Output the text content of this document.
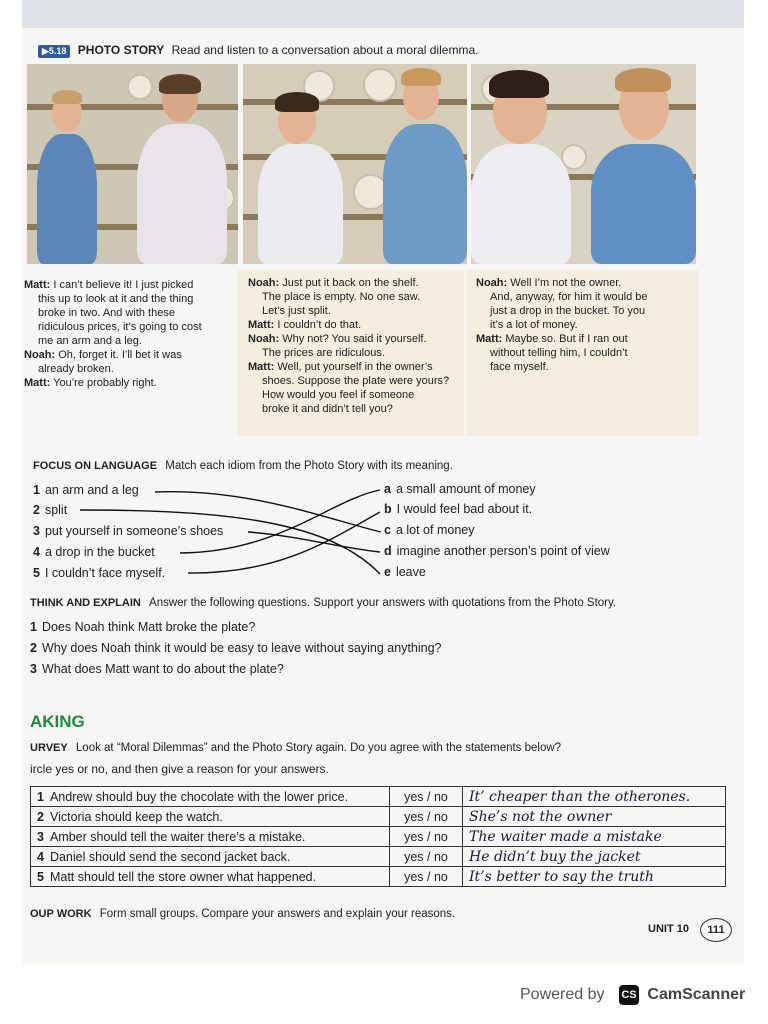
▶5.18 PHOTO STORY Read and listen to a conversation about a moral dilemma.

Matt: I can’t believe it! I just picked

this up to look at it and the thing

broke in two. And with these

ridiculous prices, it’s going to cost

me an arm and a leg.

Noah: Oh, forget it. I’ll bet it was

already broken.

Matt: You’re probably right.

Noah: Just put it back on the shelf.

The place is empty. No one saw.

Let’s just split.

Matt: I couldn’t do that.

Noah: Why not? You said it yourself.

The prices are ridiculous.

Matt: Well, put yourself in the owner’s

shoes. Suppose the plate were yours?

How would you feel if someone

broke it and didn’t tell you?

Noah: Well I’m not the owner.

And, anyway, for him it would be

just a drop in the bucket. To you

it’s a lot of money.

Matt: Maybe so. But if I ran out

without telling him, I couldn’t

face myself.

FOCUS ON LANGUAGE Match each idiom from the Photo Story with its meaning.
1 an arm and a leg
2 split
3 put yourself in someone’s shoes
4 a drop in the bucket
5 I couldn’t face myself.
a a small amount of money
b I would feel bad about it.
c a lot of money
d imagine another person’s point of view
e leave
THINK AND EXPLAIN Answer the following questions. Support your answers with quotations from the Photo Story.
1 Does Noah think Matt broke the plate?
2 Why does Noah think it would be easy to leave without saying anything?
3 What does Matt want to do about the plate?
AKING
URVEY Look at “Moral Dilemmas” and the Photo Story again. Do you agree with the statements below?
ircle yes or no, and then give a reason for your answers.
1 Andrew should buy the chocolate with the lower price.	yes / no	It’ cheaper than the otherones.
2 Victoria should keep the watch.	yes / no	She’s not the owner
3 Amber should tell the waiter there’s a mistake.	yes / no	The waiter made a mistake
4 Daniel should send the second jacket back.	yes / no	He didn’t buy the jacket
5 Matt should tell the store owner what happened.	yes / no	It’s better to say the truth
OUP WORK Form small groups. Compare your answers and explain your reasons.
UNIT 10	111
Powered by CS CamScanner
